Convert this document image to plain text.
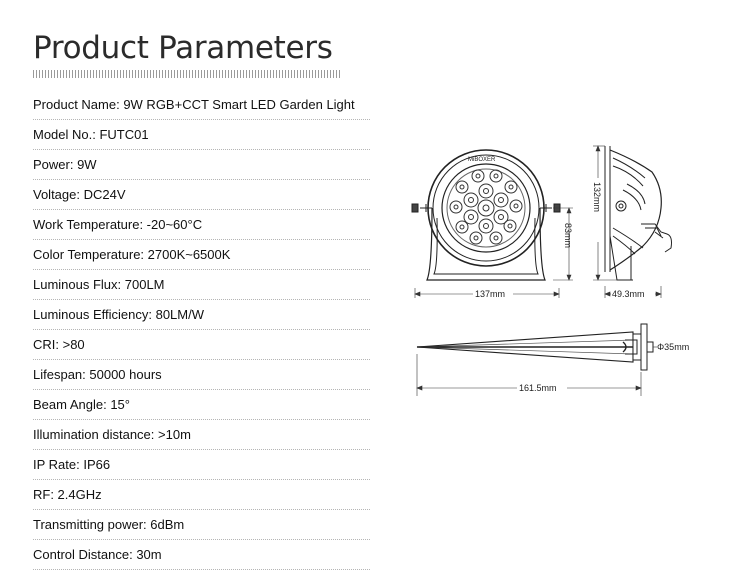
Product Parameters
Product Name: 9W RGB+CCT Smart LED Garden Light
Model No.: FUTC01
Power: 9W
Voltage: DC24V
Work Temperature: -20~60°C
Color Temperature: 2700K~6500K
Luminous Flux: 700LM
Luminous Efficiency: 80LM/W
CRI: >80
Lifespan: 50000 hours
Beam Angle: 15°
Illumination distance: >10m
IP Rate: IP66
RF: 2.4GHz
Transmitting power: 6dBm
Control Distance: 30m
MiBOXER
137mm
83mm
132mm
49.3mm
Φ35mm
161.5mm
